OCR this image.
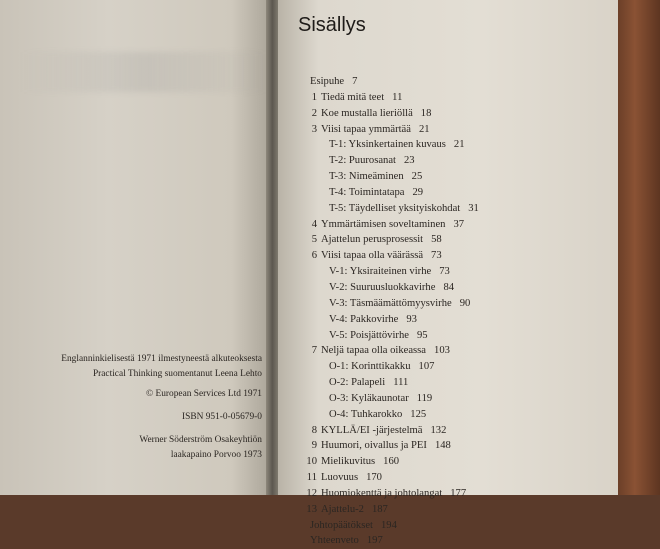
Englanninkielisestä 1971 ilmestyneestä alkuteoksesta
Practical Thinking suomentanut Leena Lehto
© European Services Ltd 1971
ISBN 951-0-05679-0
Werner Söderström Osakeyhtiön
laakapaino Porvoo 1973
Sisällys
Esipuhe 7
1 Tiedä mitä teet 11
2 Koe mustalla lieriöllä 18
3 Viisi tapaa ymmärtää 21
T-1: Yksinkertainen kuvaus 21
T-2: Puurosanat 23
T-3: Nimeäminen 25
T-4: Toimintatapa 29
T-5: Täydelliset yksityiskohdat 31
4 Ymmärtämisen soveltaminen 37
5 Ajattelun perusprosessit 58
6 Viisi tapaa olla väärässä 73
V-1: Yksiraiteinen virhe 73
V-2: Suuruusluokkavirhe 84
V-3: Täsmäämättömyysvirhe 90
V-4: Pakkovirhe 93
V-5: Poisjättövirhe 95
7 Neljä tapaa olla oikeassa 103
O-1: Korinttikakku 107
O-2: Palapeli 111
O-3: Kyläkaunotar 119
O-4: Tuhkarokko 125
8 KYLLÄ/EI -järjestelmä 132
9 Huumori, oivallus ja PEI 148
10 Mielikuvitus 160
11 Luovuus 170
12 Huomiokenttä ja johtolangat 177
13 Ajattelu-2 187
Johtopäätökset 194
Yhteenveto 197
